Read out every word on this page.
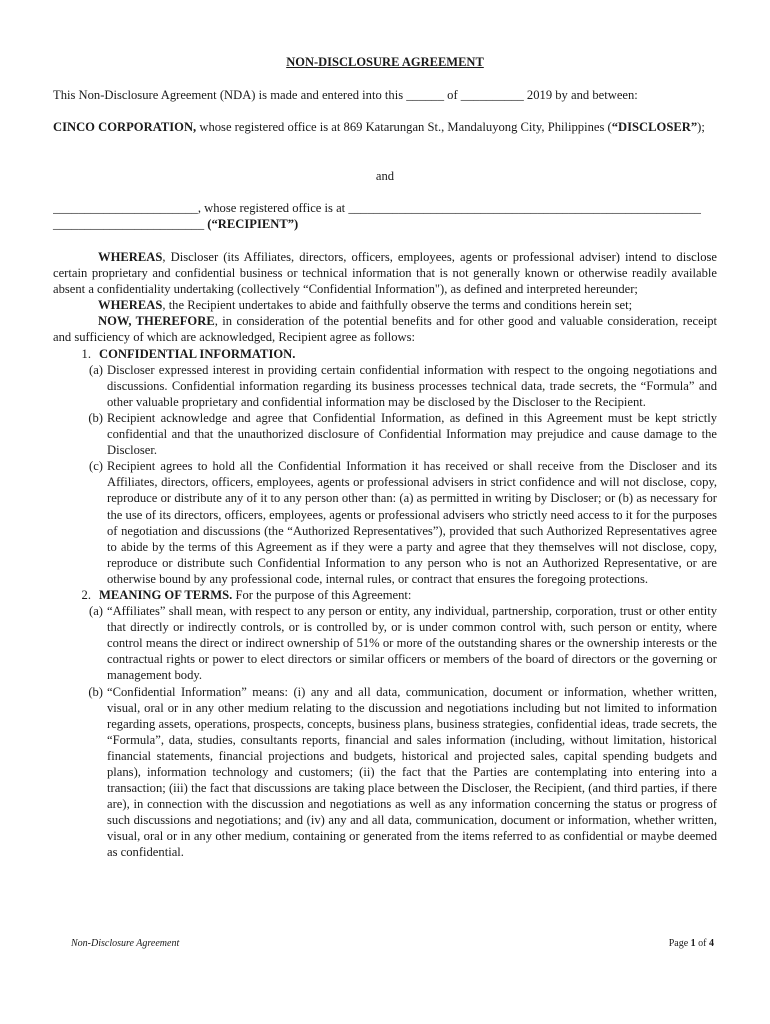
NON-DISCLOSURE AGREEMENT

This Non-Disclosure Agreement (NDA) is made and entered into this ______ of __________ 2019 by and between:

CINCO CORPORATION, whose registered office is at 869 Katarungan St., Mandaluyong City, Philippines (“DISCLOSER”);

and

_______________________, whose registered office is at ________________________________________________________

________________________ (“RECIPIENT”)

WHEREAS, Discloser (its Affiliates, directors, officers, employees, agents or professional adviser) intend to disclose certain proprietary and confidential business or technical information that is not generally known or otherwise readily available absent a confidentiality undertaking (collectively “Confidential Information"), as defined and interpreted hereunder;

WHEREAS, the Recipient undertakes to abide and faithfully observe the terms and conditions herein set;

NOW, THEREFORE, in consideration of the potential benefits and for other good and valuable consideration, receipt and sufficiency of which are acknowledged, Recipient agree as follows:

1. CONFIDENTIAL INFORMATION.
(a) Discloser expressed interest in providing certain confidential information with respect to the ongoing negotiations and discussions. Confidential information regarding its business processes technical data, trade secrets, the “Formula” and other valuable proprietary and confidential information may be disclosed by the Discloser to the Recipient.
(b) Recipient acknowledge and agree that Confidential Information, as defined in this Agreement must be kept strictly confidential and that the unauthorized disclosure of Confidential Information may prejudice and cause damage to the Discloser.
(c) Recipient agrees to hold all the Confidential Information it has received or shall receive from the Discloser and its Affiliates, directors, officers, employees, agents or professional advisers in strict confidence and will not disclose, copy, reproduce or distribute any of it to any person other than: (a) as permitted in writing by Discloser; or (b) as necessary for the use of its directors, officers, employees, agents or professional advisers who strictly need access to it for the purposes of negotiation and discussions (the “Authorized Representatives”), provided that such Authorized Representatives agree to abide by the terms of this Agreement as if they were a party and agree that they themselves will not disclose, copy, reproduce or distribute such Confidential Information to any person who is not an Authorized Representative, or are otherwise bound by any professional code, internal rules, or contract that ensures the foregoing protections.
2. MEANING OF TERMS. For the purpose of this Agreement:
(a) “Affiliates” shall mean, with respect to any person or entity, any individual, partnership, corporation, trust or other entity that directly or indirectly controls, or is controlled by, or is under common control with, such person or entity, where control means the direct or indirect ownership of 51% or more of the outstanding shares or the ownership interests or the contractual rights or power to elect directors or similar officers or members of the board of directors or the governing or management body.
(b) “Confidential Information” means: (i) any and all data, communication, document or information, whether written, visual, oral or in any other medium relating to the discussion and negotiations including but not limited to information regarding assets, operations, prospects, concepts, business plans, business strategies, confidential ideas, trade secrets, the “Formula”, data, studies, consultants reports, financial and sales information (including, without limitation, historical financial statements, financial projections and budgets, historical and projected sales, capital spending budgets and plans), information technology and customers; (ii) the fact that the Parties are contemplating into entering into a transaction; (iii) the fact that discussions are taking place between the Discloser, the Recipient, (and third parties, if there are), in connection with the discussion and negotiations as well as any information concerning the status or progress of such discussions and negotiations; and (iv) any and all data, communication, document or information, whether written, visual, oral or in any other medium, containing or generated from the items referred to as confidential or maybe deemed as confidential.
Non-Disclosure Agreement	Page 1 of 4
